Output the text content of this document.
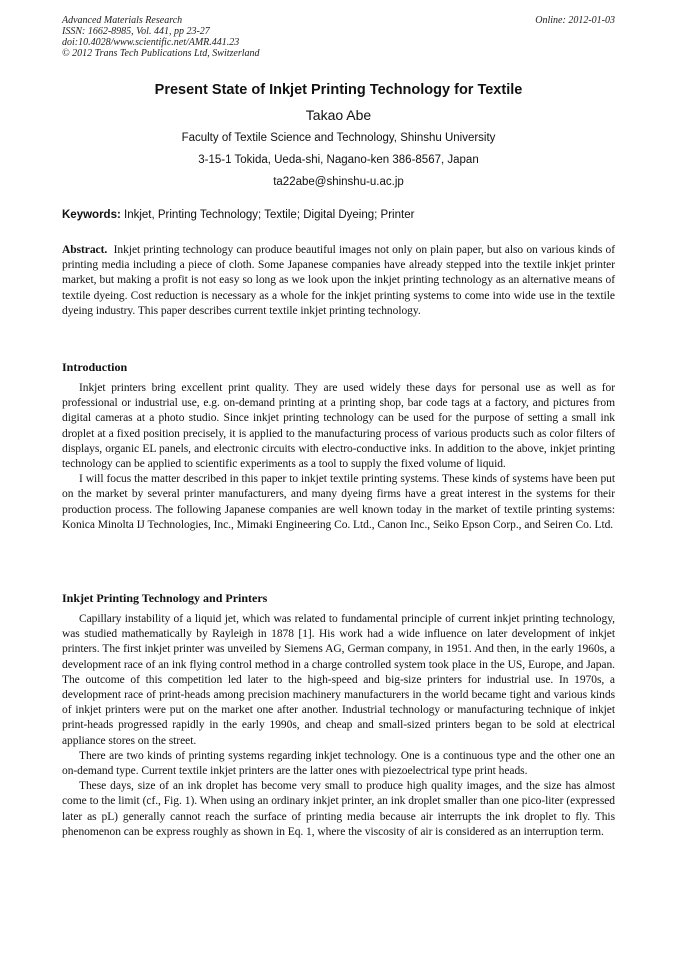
Advanced Materials Research
ISSN: 1662-8985, Vol. 441, pp 23-27
doi:10.4028/www.scientific.net/AMR.441.23
© 2012 Trans Tech Publications Ltd, Switzerland
Online: 2012-01-03
Present State of Inkjet Printing Technology for Textile
Takao Abe
Faculty of Textile Science and Technology, Shinshu University
3-15-1 Tokida, Ueda-shi, Nagano-ken 386-8567, Japan
ta22abe@shinshu-u.ac.jp
Keywords: Inkjet, Printing Technology; Textile; Digital Dyeing; Printer
Abstract. Inkjet printing technology can produce beautiful images not only on plain paper, but also on various kinds of printing media including a piece of cloth. Some Japanese companies have already stepped into the textile inkjet printer market, but making a profit is not easy so long as we look upon the inkjet printing technology as an alternative means of textile dyeing. Cost reduction is necessary as a whole for the inkjet printing systems to come into wide use in the textile dyeing industry. This paper describes current textile inkjet printing technology.
Introduction

Inkjet printers bring excellent print quality. They are used widely these days for personal use as well as for professional or industrial use, e.g. on-demand printing at a printing shop, bar code tags at a factory, and pictures from digital cameras at a photo studio. Since inkjet printing technology can be used for the purpose of setting a small ink droplet at a fixed position precisely, it is applied to the manufacturing process of various products such as color filters of displays, organic EL panels, and electronic circuits with electro-conductive inks. In addition to the above, inkjet printing technology can be applied to scientific experiments as a tool to supply the fixed volume of liquid.

I will focus the matter described in this paper to inkjet textile printing systems. These kinds of systems have been put on the market by several printer manufacturers, and many dyeing firms have a great interest in the systems for their production process. The following Japanese companies are well known today in the market of textile printing systems: Konica Minolta IJ Technologies, Inc., Mimaki Engineering Co. Ltd., Canon Inc., Seiko Epson Corp., and Seiren Co. Ltd.

Inkjet Printing Technology and Printers

Capillary instability of a liquid jet, which was related to fundamental principle of current inkjet printing technology, was studied mathematically by Rayleigh in 1878 [1]. His work had a wide influence on later development of inkjet printers. The first inkjet printer was unveiled by Siemens AG, German company, in 1951. And then, in the early 1960s, a development race of an ink flying control method in a charge controlled system took place in the US, Europe, and Japan. The outcome of this competition led later to the high-speed and big-size printers for industrial use. In 1970s, a development race of print-heads among precision machinery manufacturers in the world became tight and various kinds of inkjet printers were put on the market one after another. Industrial technology or manufacturing technique of inkjet print-heads progressed rapidly in the early 1990s, and cheap and small-sized printers began to be sold at electrical appliance stores on the street.

There are two kinds of printing systems regarding inkjet technology. One is a continuous type and the other one an on-demand type. Current textile inkjet printers are the latter ones with piezoelectrical type print heads.

These days, size of an ink droplet has become very small to produce high quality images, and the size has almost come to the limit (cf., Fig. 1). When using an ordinary inkjet printer, an ink droplet smaller than one pico-liter (expressed later as pL) generally cannot reach the surface of printing media because air interrupts the ink droplet to fly. This phenomenon can be express roughly as shown in Eq. 1, where the viscosity of air is considered as an interruption term.
